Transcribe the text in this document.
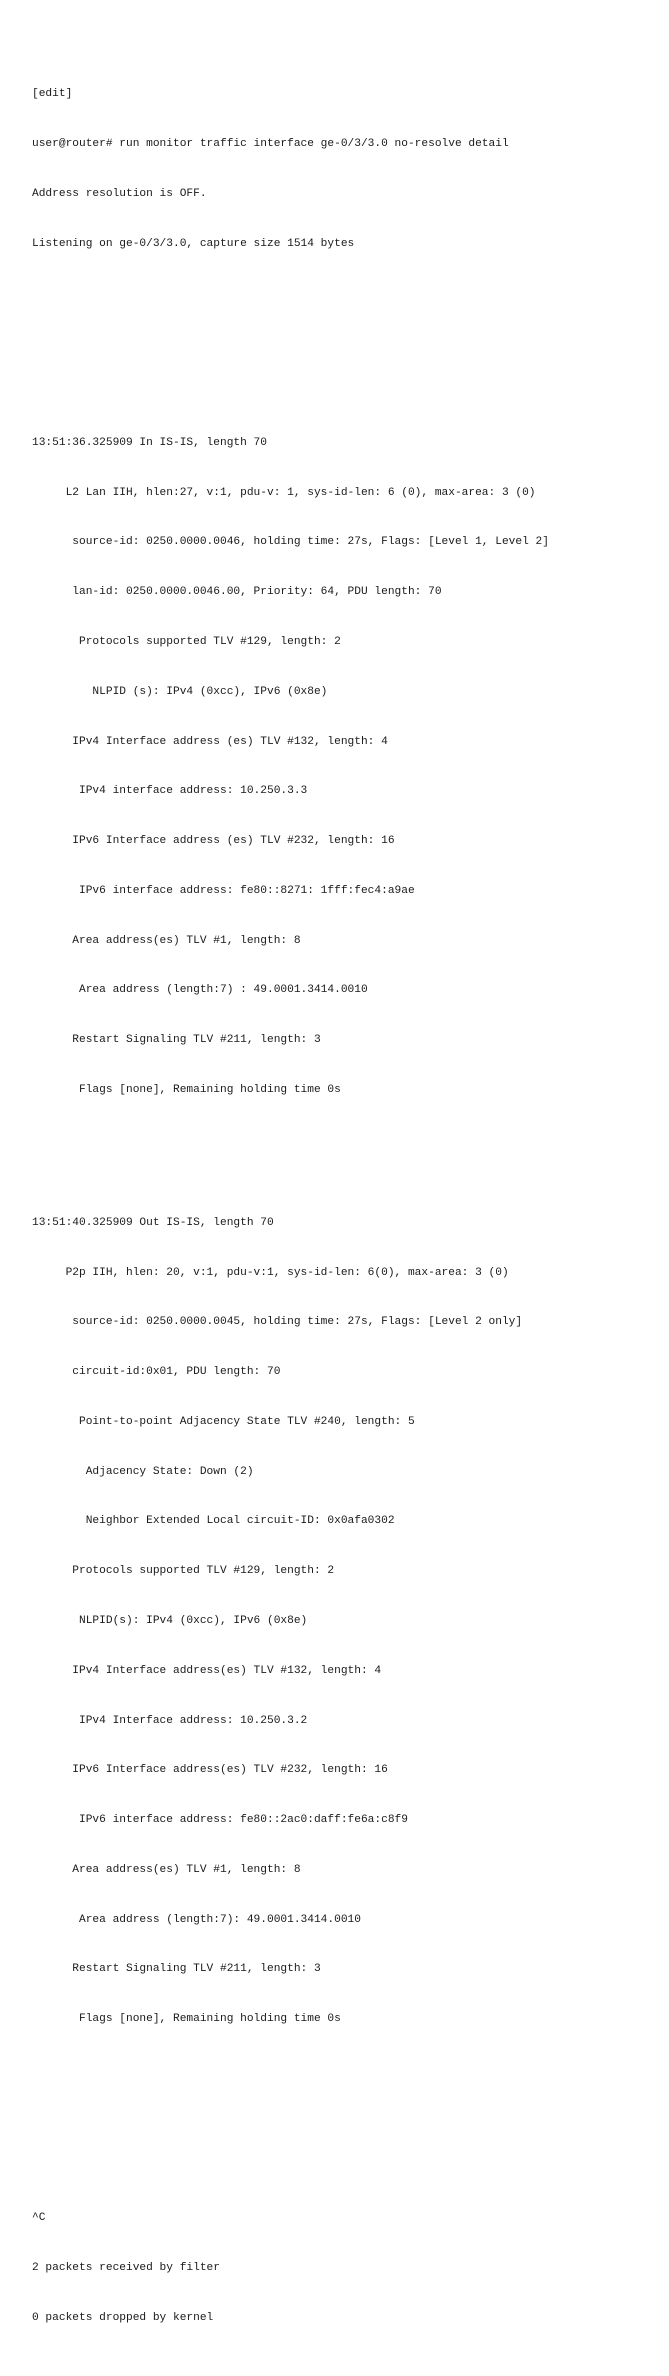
[edit]

user@router# run monitor traffic interface ge-0/3/3.0 no-resolve detail

Address resolution is OFF.

Listening on ge-0/3/3.0, capture size 1514 bytes

13:51:36.325909 In IS-IS, length 70

L2 Lan IIH, hlen:27, v:1, pdu-v: 1, sys-id-len: 6 (0), max-area: 3 (0)

source-id: 0250.0000.0046, holding time: 27s, Flags: [Level 1, Level 2]

lan-id: 0250.0000.0046.00, Priority: 64, PDU length: 70

Protocols supported TLV #129, length: 2

NLPID (s): IPv4 (0xcc), IPv6 (0x8e)

IPv4 Interface address (es) TLV #132, length: 4

IPv4 interface address: 10.250.3.3

IPv6 Interface address (es) TLV #232, length: 16

IPv6 interface address: fe80::8271: 1fff:fec4:a9ae

Area address(es) TLV #1, length: 8

Area address (length:7) : 49.0001.3414.0010

Restart Signaling TLV #211, length: 3

Flags [none], Remaining holding time 0s

13:51:40.325909 Out IS-IS, length 70

P2p IIH, hlen: 20, v:1, pdu-v:1, sys-id-len: 6(0), max-area: 3 (0)

source-id: 0250.0000.0045, holding time: 27s, Flags: [Level 2 only]

circuit-id:0x01, PDU length: 70

Point-to-point Adjacency State TLV #240, length: 5

Adjacency State: Down (2)

Neighbor Extended Local circuit-ID: 0x0afa0302

Protocols supported TLV #129, length: 2

NLPID(s): IPv4 (0xcc), IPv6 (0x8e)

IPv4 Interface address(es) TLV #132, length: 4

IPv4 Interface address: 10.250.3.2

IPv6 Interface address(es) TLV #232, length: 16

IPv6 interface address: fe80::2ac0:daff:fe6a:c8f9

Area address(es) TLV #1, length: 8

Area address (length:7): 49.0001.3414.0010

Restart Signaling TLV #211, length: 3

Flags [none], Remaining holding time 0s

^C

2 packets received by filter

0 packets dropped by kernel
